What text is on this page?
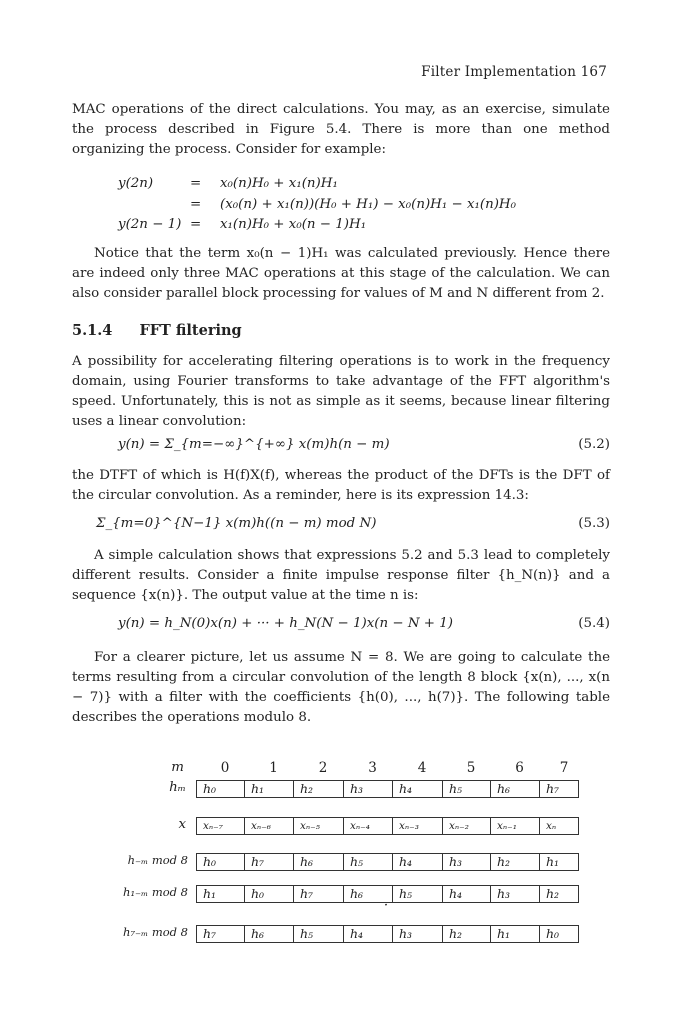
Filter Implementation 167
MAC operations of the direct calculations. You may, as an exercise, simulate the process described in Figure 5.4. There is more than one method organizing the process. Consider for example:
y(2n)	= x₀(n)H₀ + x₁(n)H₁
= (x₀(n) + x₁(n))(H₀ + H₁) − x₀(n)H₁ − x₁(n)H₀
y(2n − 1) = x₁(n)H₀ + x₀(n − 1)H₁
Notice that the term x₀(n − 1)H₁ was calculated previously. Hence there are indeed only three MAC operations at this stage of the calculation. We can also consider parallel block processing for values of M and N different from 2.
5.1.4 FFT filtering
A possibility for accelerating filtering operations is to work in the frequency domain, using Fourier transforms to take advantage of the FFT algorithm's speed. Unfortunately, this is not as simple as it seems, because linear filtering uses a linear convolution:
y(n) = Σ_{m=−∞}^{+∞} x(m)h(n − m)	(5.2)
the DTFT of which is H(f)X(f), whereas the product of the DFTs is the DFT of the circular convolution. As a reminder, here is its expression 14.3:
Σ_{m=0}^{N−1} x(m)h((n − m) mod N)	(5.3)
A simple calculation shows that expressions 5.2 and 5.3 lead to completely different results. Consider a finite impulse response filter {h_N(n)} and a sequence {x(n)}. The output value at the time n is:
y(n) = h_N(0)x(n) + ··· + h_N(N − 1)x(n − N + 1)	(5.4)
For a clearer picture, let us assume N = 8. We are going to calculate the terms resulting from a circular convolution of the length 8 block {x(n), ..., x(n − 7)} with a filter with the coefficients {h(0), ..., h(7)}. The following table describes the operations modulo 8.
m	0	1	2	3	4	5	6	7
hₘ	h₀	h₁	h₂	h₃	h₄	h₅	h₆	h₇
x	xₙ₋₇	xₙ₋₆	xₙ₋₅	xₙ₋₄	xₙ₋₃	xₙ₋₂	xₙ₋₁	xₙ
h₋ₘ mod 8	h₀	h₇	h₆	h₅	h₄	h₃	h₂	h₁
h₁₋ₘ mod 8	h₁	h₀	h₇	h₆	h₅	h₄	h₃	h₂
·
h₇₋ₘ mod 8	h₇	h₆	h₅	h₄	h₃	h₂	h₁	h₀
